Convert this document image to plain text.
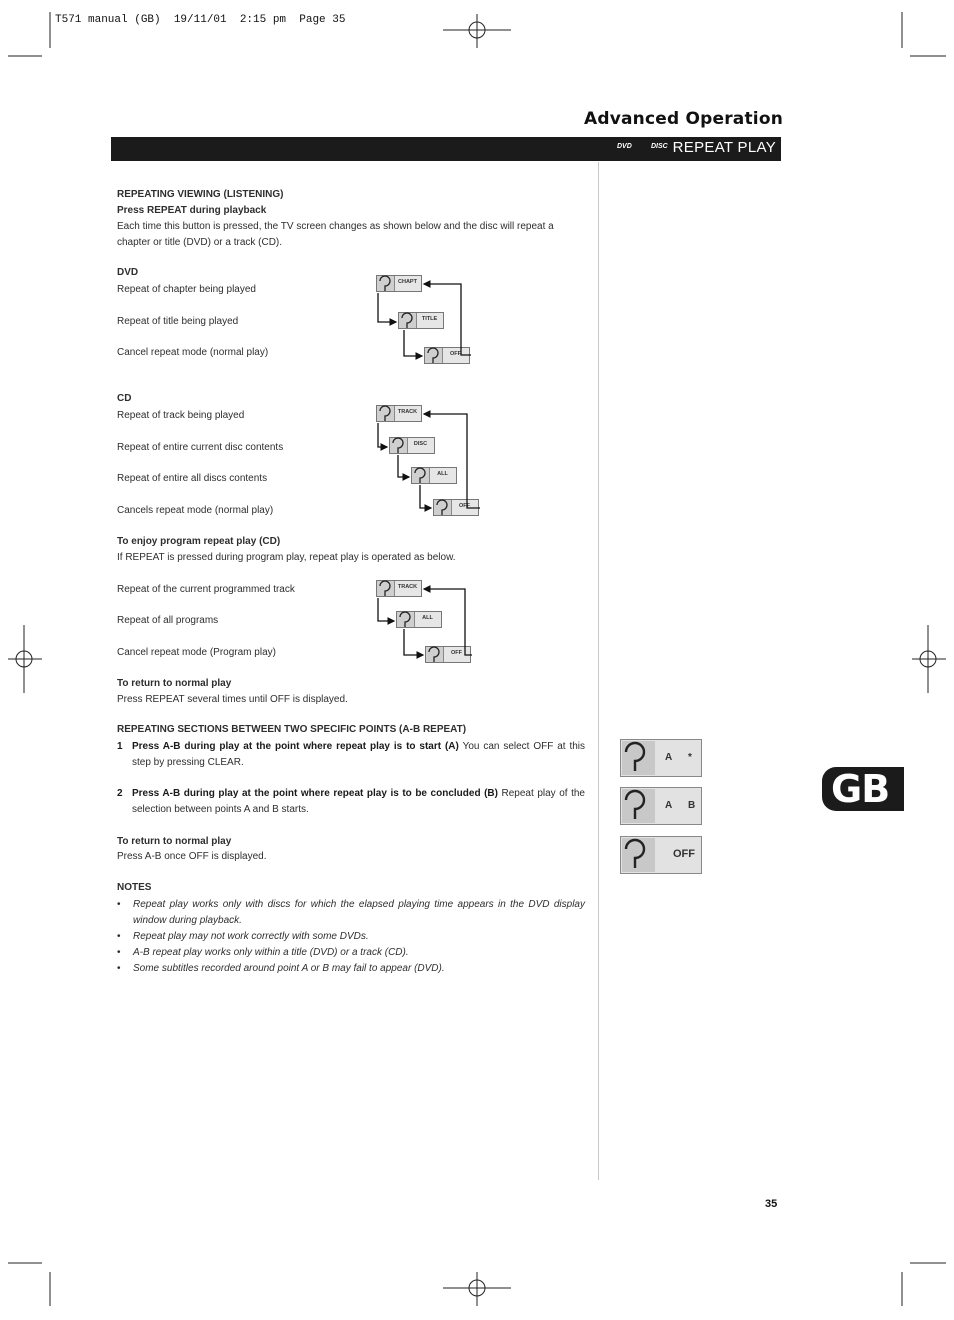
T571 manual (GB)  19/11/01  2:15 pm  Page 35
Advanced Operation
DVD	DISC REPEAT PLAY
REPEATING VIEWING (LISTENING)
Press REPEAT during playback
Each time this button is pressed, the TV screen changes as shown below and the disc will repeat a chapter or title (DVD) or a track (CD).
DVD
Repeat of chapter being played
Repeat of title being played
Cancel repeat mode (normal play)
CHAPT
TITLE
OFF
CD
Repeat of track being played
Repeat of entire current disc contents
Repeat of entire all discs contents
Cancels repeat mode (normal play)
TRACK
DISC
ALL
OFF
To enjoy program repeat play (CD)
If REPEAT is pressed during program play, repeat play is operated as below.
Repeat of the current programmed track
Repeat of all programs
Cancel repeat mode (Program play)
TRACK
ALL
OFF
To return to normal play
Press REPEAT several times until OFF is displayed.
REPEATING SECTIONS BETWEEN TWO SPECIFIC POINTS (A-B REPEAT)
1 Press A-B during play at the point where repeat play is to start (A) You can select OFF at this step by pressing CLEAR.
2 Press A-B during play at the point where repeat play is to be concluded (B) Repeat play of the selection between points A and B starts.
To return to normal play
Press A-B once OFF is displayed.
NOTES
• Repeat play works only with discs for which the elapsed playing time appears in the DVD display window during playback.
• Repeat play may not work correctly with some DVDs.
• A-B repeat play works only within a title (DVD) or a track (CD).
• Some subtitles recorded around point A or B may fail to appear (DVD).
A *
A B
OFF
GB
35
